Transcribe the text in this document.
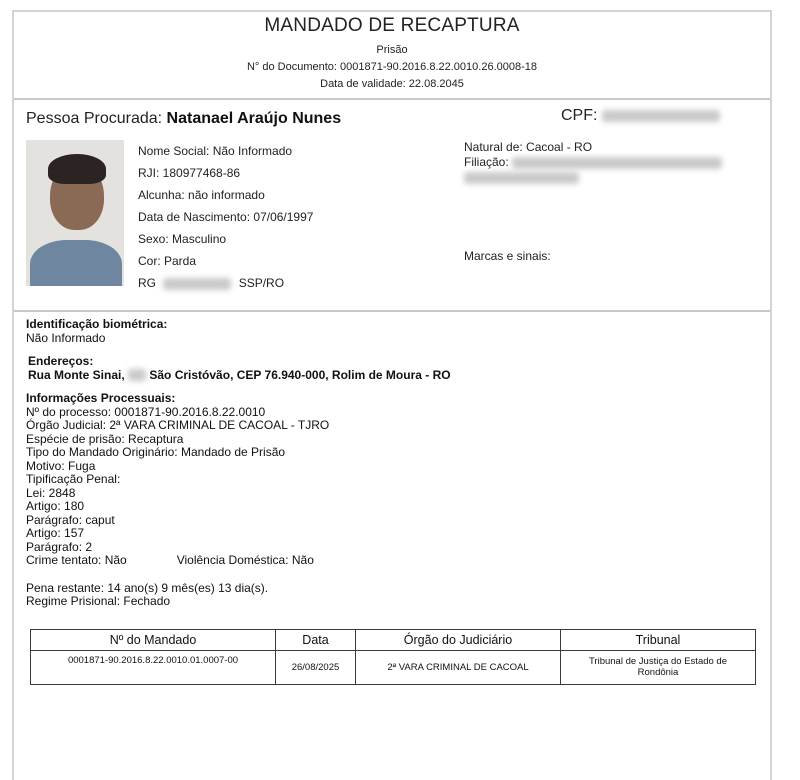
MANDADO DE RECAPTURA
Prisão
N° do Documento: 0001871-90.2016.8.22.0010.26.0008-18
Data de validade: 22.08.2045
Pessoa Procurada: Natanael Araújo Nunes	CPF:
Nome Social: Não Informado
RJI: 180977468-86
Alcunha: não informado
Data de Nascimento: 07/06/1997
Sexo: Masculino
Cor: Parda
RG	SSP/RO
Natural de: Cacoal - RO
Filiação:
Marcas e sinais:
Identificação biométrica:
Não Informado
Endereços:
Rua Monte Sinai, São Cristóvão, CEP 76.940-000, Rolim de Moura - RO
Informações Processuais:
Nº do processo: 0001871-90.2016.8.22.0010
Órgão Judicial: 2ª VARA CRIMINAL DE CACOAL - TJRO
Espécie de prisão: Recaptura
Tipo do Mandado Originário: Mandado de Prisão
Motivo: Fuga
Tipificação Penal:
Lei: 2848
Artigo: 180
Parágrafo: caput
Artigo: 157
Parágrafo: 2
Crime tentato: Não	Violência Doméstica: Não
Pena restante: 14 ano(s) 9 mês(es) 13 dia(s).
Regime Prisional: Fechado
Nº do Mandado	Data	Órgão do Judiciário	Tribunal
0001871-90.2016.8.22.0010.01.0007-00	26/08/2025	2ª VARA CRIMINAL DE CACOAL	Tribunal de Justiça do Estado de Rondônia
